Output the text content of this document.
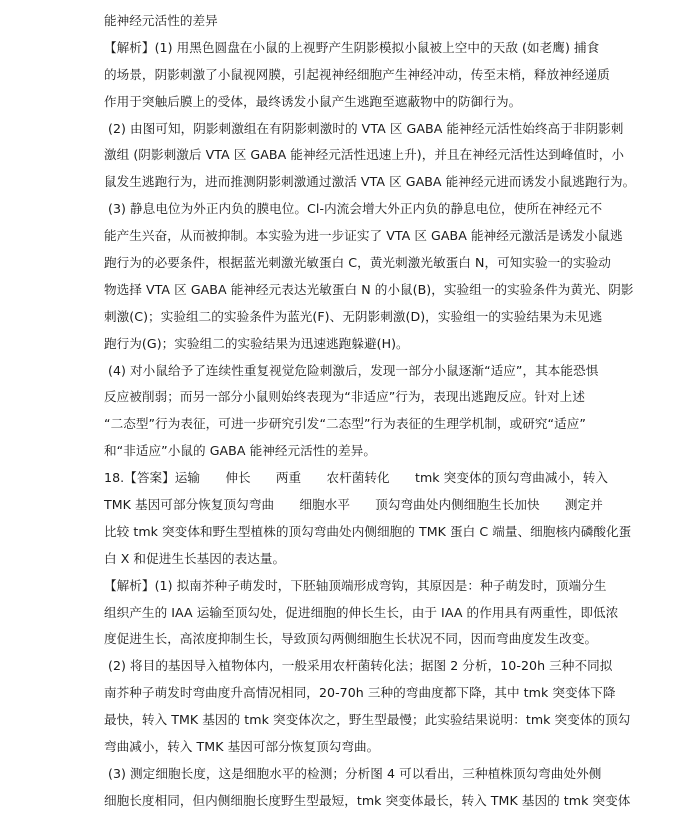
能神经元活性的差异
【解析】(1) 用黑色圆盘在小鼠的上视野产生阴影模拟小鼠被上空中的天敌 (如老鹰) 捕食
的场景，阴影刺激了小鼠视网膜，引起视神经细胞产生神经冲动，传至末梢，释放神经递质
作用于突触后膜上的受体，最终诱发小鼠产生逃跑至遮蔽物中的防御行为。
(2) 由图可知，阴影刺激组在有阴影刺激时的 VTA 区 GABA 能神经元活性始终高于非阴影刺
激组 (阴影刺激后 VTA 区 GABA 能神经元活性迅速上升)，并且在神经元活性达到峰值时，小
鼠发生逃跑行为，进而推测阴影刺激通过激活 VTA 区 GABA 能神经元进而诱发小鼠逃跑行为。
(3) 静息电位为外正内负的膜电位。Cl-内流会增大外正内负的静息电位，使所在神经元不
能产生兴奋，从而被抑制。本实验为进一步证实了 VTA 区 GABA 能神经元激活是诱发小鼠逃
跑行为的必要条件，根据蓝光刺激光敏蛋白 C，黄光刺激光敏蛋白 N，可知实验一的实验动
物选择 VTA 区 GABA 能神经元表达光敏蛋白 N 的小鼠(B)，实验组一的实验条件为黄光、阴影
刺激(C)；实验组二的实验条件为蓝光(F)、无阴影刺激(D)，实验组一的实验结果为未见逃
跑行为(G)；实验组二的实验结果为迅速逃跑躲避(H)。
(4) 对小鼠给予了连续性重复视觉危险刺激后，发现一部分小鼠逐渐“适应”，其本能恐惧
反应被削弱；而另一部分小鼠则始终表现为“非适应”行为，表现出逃跑反应。针对上述
“二态型”行为表征，可进一步研究引发“二态型”行为表征的生理学机制，或研究“适应”
和“非适应”小鼠的 GABA 能神经元活性的差异。
18.【答案】运输　　伸长　　两重　　农杆菌转化　　tmk 突变体的顶勾弯曲减小，转入
TMK 基因可部分恢复顶勾弯曲　　细胞水平　　顶勾弯曲处内侧细胞生长加快　　测定并
比较 tmk 突变体和野生型植株的顶勾弯曲处内侧细胞的 TMK 蛋白 C 端量、细胞核内磷酸化蛋
白 X 和促进生长基因的表达量。
【解析】(1) 拟南芥种子萌发时，下胚轴顶端形成弯钩，其原因是：种子萌发时，顶端分生
组织产生的 IAA 运输至顶勾处，促进细胞的伸长生长，由于 IAA 的作用具有两重性，即低浓
度促进生长，高浓度抑制生长，导致顶勾两侧细胞生长状况不同，因而弯曲度发生改变。
(2) 将目的基因导入植物体内，一般采用农杆菌转化法；据图 2 分析，10-20h 三种不同拟
南芥种子萌发时弯曲度升高情况相同，20-70h 三种的弯曲度都下降，其中 tmk 突变体下降
最快，转入 TMK 基因的 tmk 突变体次之，野生型最慢；此实验结果说明：tmk 突变体的顶勾
弯曲减小，转入 TMK 基因可部分恢复顶勾弯曲。
(3) 测定细胞长度，这是细胞水平的检测；分析图 4 可以看出，三种植株顶勾弯曲处外侧
细胞长度相同，但内侧细胞长度野生型最短，tmk 突变体最长，转入 TMK 基因的 tmk 突变体
